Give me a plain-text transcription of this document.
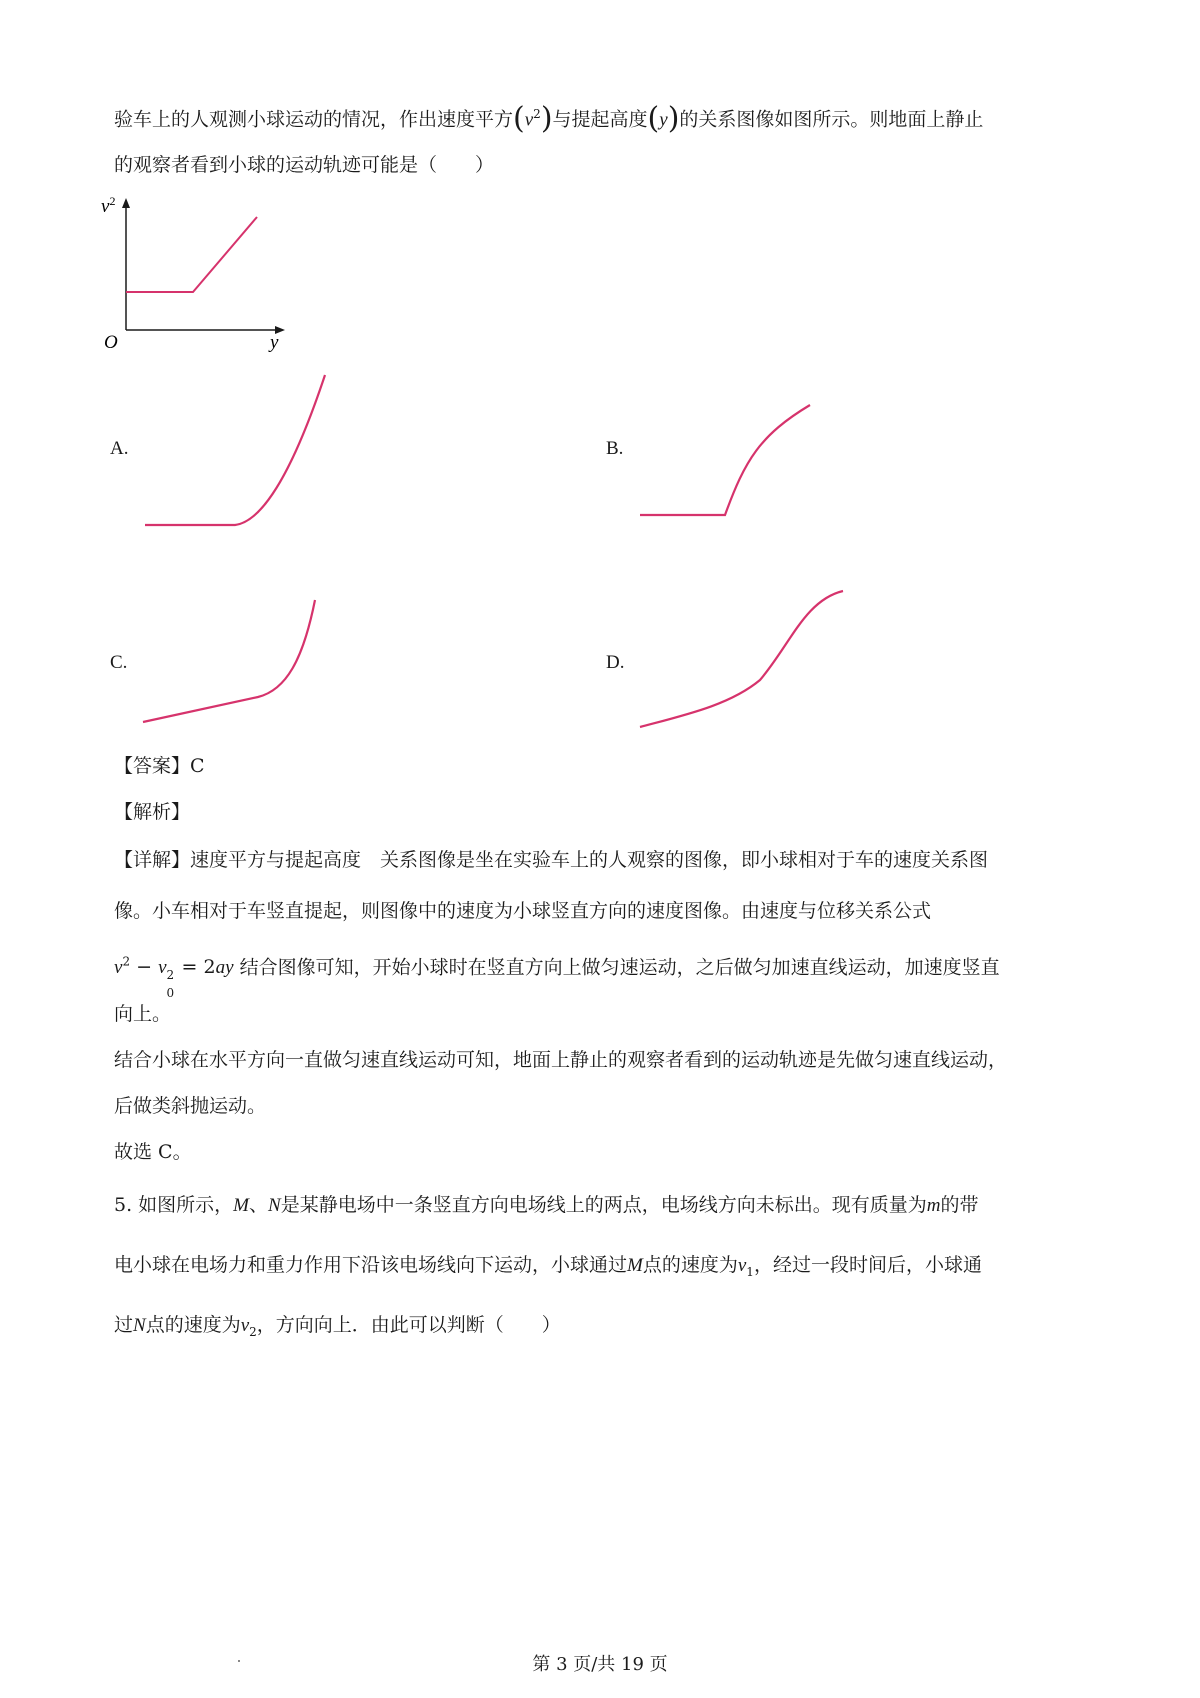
验车上的人观测小球运动的情况，作出速度平方$(v^2)$与提起高度(y)的关系图像如图所示。则地面上静止
的观察者看到小球的运动轨迹可能是（　　）
$v^2$
O	y
A.	B.
C.	D.
【答案】C
【解析】
【详解】速度平方与提起高度　关系图像是坐在实验车上的人观察的图像，即小球相对于车的速度关系图
像。小车相对于车竖直提起，则图像中的速度为小球竖直方向的速度图像。由速度与位移关系公式
$v^2 - v$ 2
0
= 2ay 结合图像可知，开始小球时在竖直方向上做匀速运动，之后做匀加速直线运动，加速度竖直
向上。
结合小球在水平方向一直做匀速直线运动可知，地面上静止的观察者看到的运动轨迹是先做匀速直线运动，
后做类斜抛运动。
故选 C。
5. 如图所示，M、N是某静电场中一条竖直方向电场线上的两点，电场线方向未标出。现有质量为m的带
电小球在电场力和重力作用下沿该电场线向下运动，小球通过M点的速度为$v_1$，经过一段时间后，小球通
过N点的速度为$v_2$，方向向上．由此可以判断（　　）
第 3 页/共 19 页
